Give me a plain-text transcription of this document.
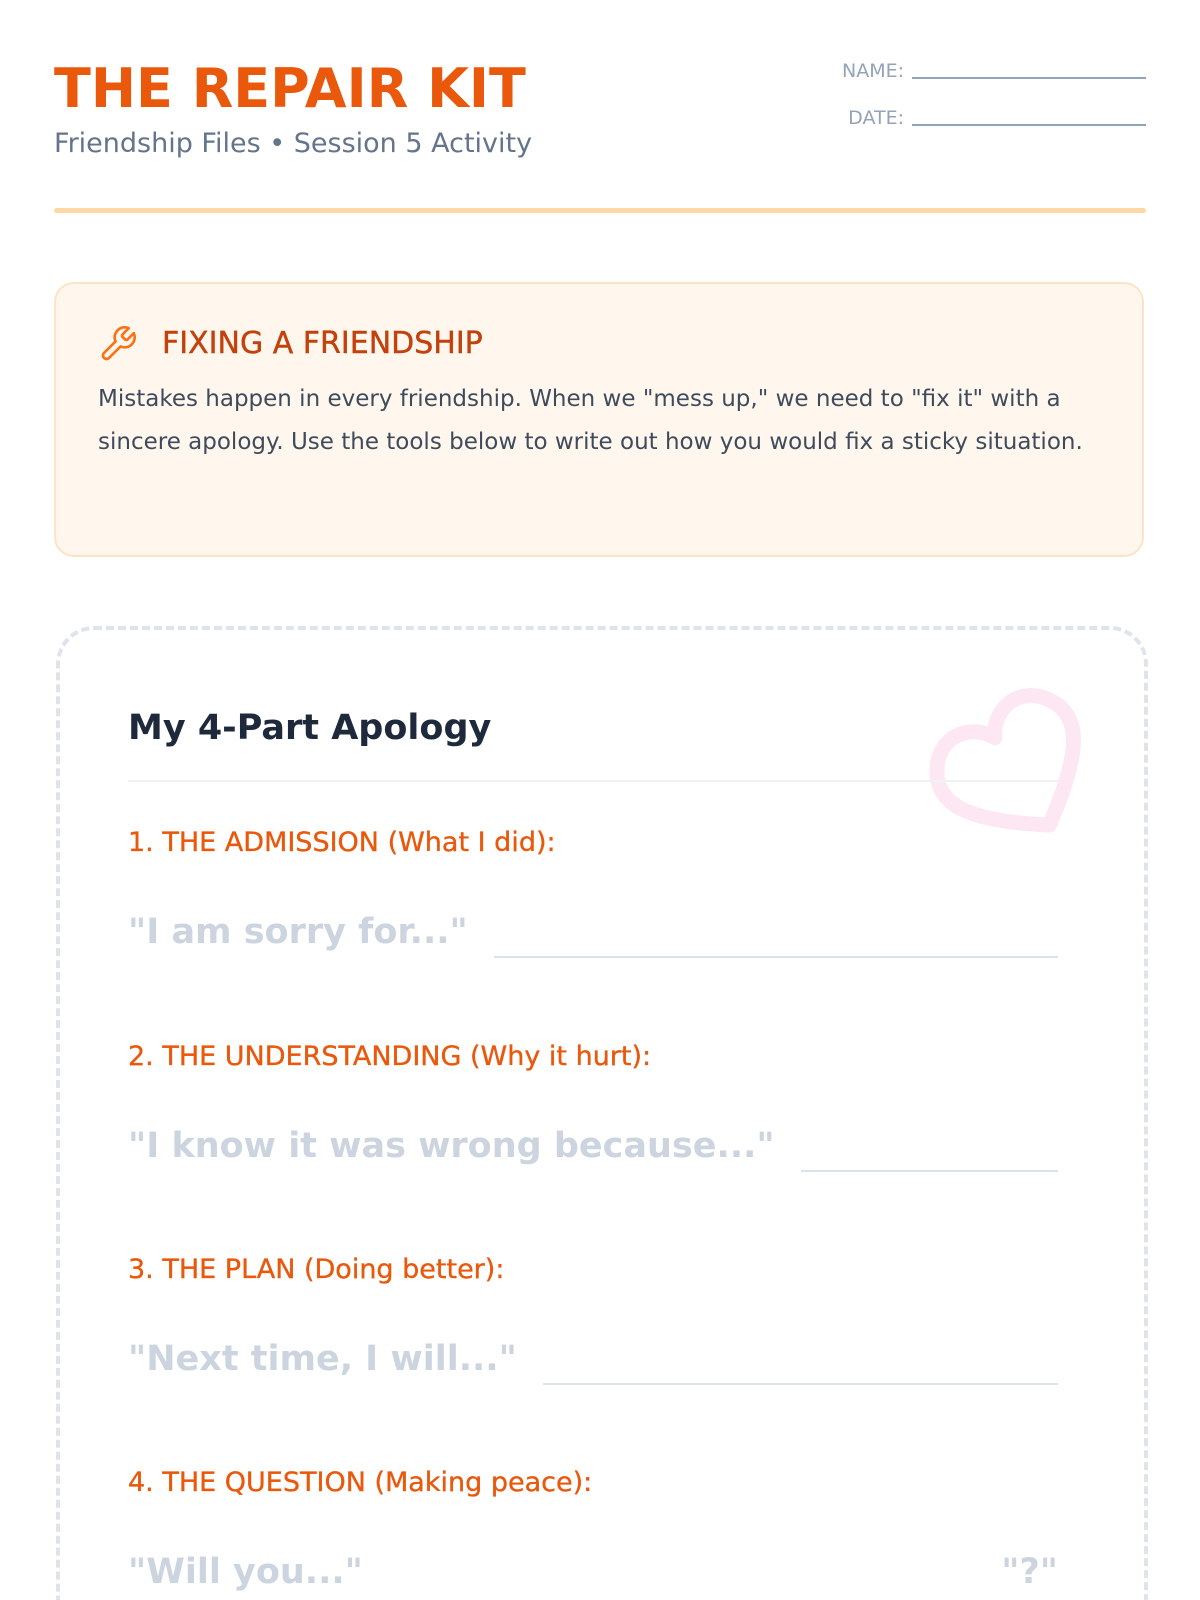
THE REPAIR KIT
Friendship Files • Session 5 Activity
NAME:
DATE:
FIXING A FRIENDSHIP

Mistakes happen in every friendship. When we "mess up," we need to "fix it" with a sincere apology. Use the tools below to write out how you would fix a sticky situation.

My 4-Part Apology
1. THE ADMISSION (What I did):
"I am sorry for..."
2. THE UNDERSTANDING (Why it hurt):
"I know it was wrong because..."
3. THE PLAN (Doing better):
"Next time, I will..."
4. THE QUESTION (Making peace):
"Will you..."	"?"
